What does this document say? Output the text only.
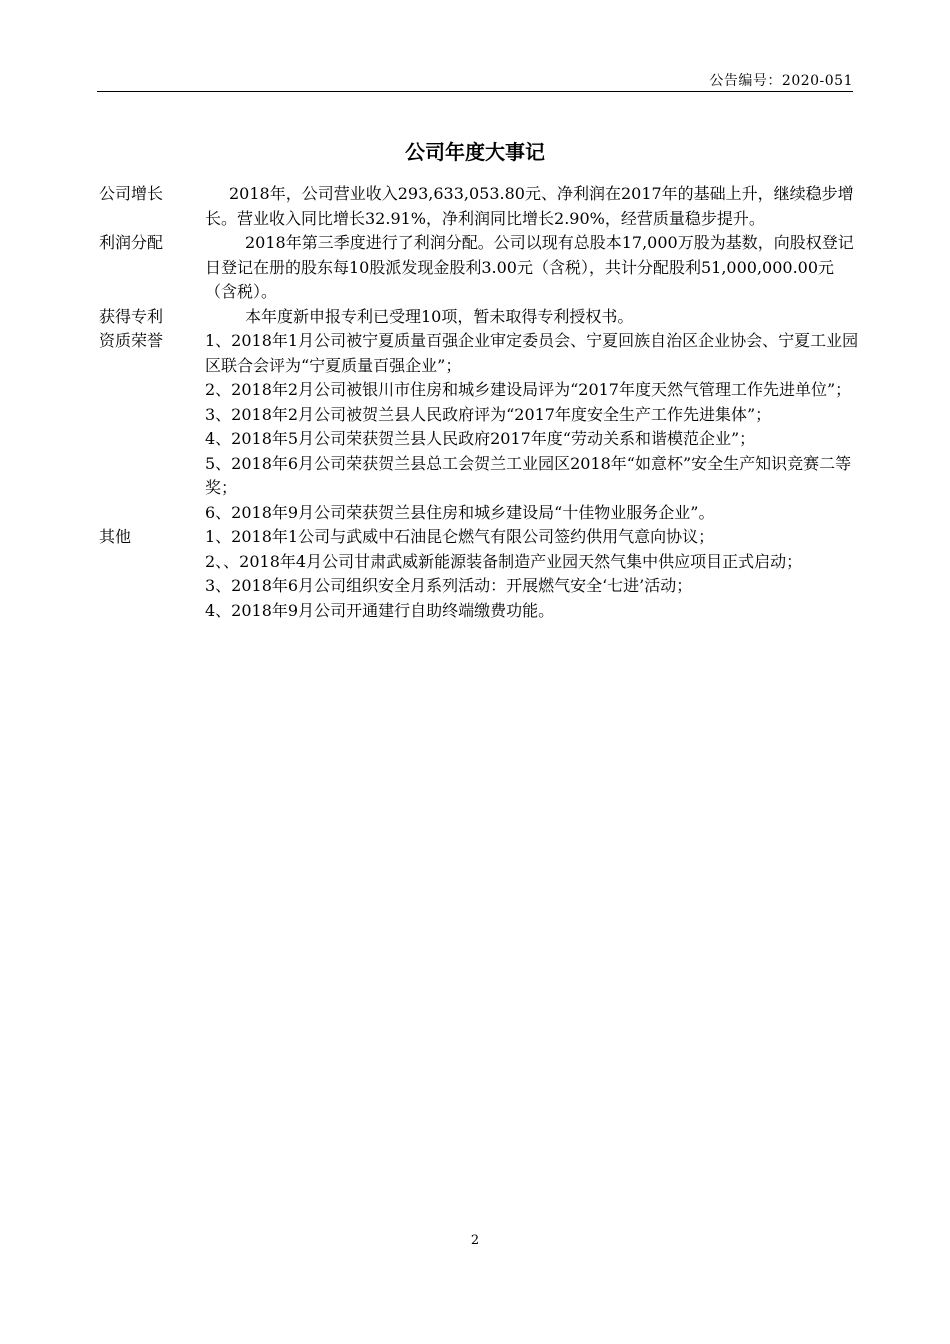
公告编号：2020-051
公司年度大事记
公司增长	2018年，公司营业收入293,633,053.80元、净利润在2017年的基础上升，继续稳步增长。营业收入同比增长32.91%，净利润同比增长2.90%，经营质量稳步提升。

利润分配	2018年第三季度进行了利润分配。公司以现有总股本17,000万股为基数，向股权登记日登记在册的股东每10股派发现金股利3.00元（含税），共计分配股利51,000,000.00元（含税）。

获得专利	本年度新申报专利已受理10项，暂未取得专利授权书。

资质荣誉	1、2018年1月公司被宁夏质量百强企业审定委员会、宁夏回族自治区企业协会、宁夏工业园区联合会评为“宁夏质量百强企业”；

2、2018年2月公司被银川市住房和城乡建设局评为“2017年度天然气管理工作先进单位”；

3、2018年2月公司被贺兰县人民政府评为“2017年度安全生产工作先进集体”；

4、2018年5月公司荣获贺兰县人民政府2017年度“劳动关系和谐模范企业”；

5、2018年6月公司荣获贺兰县总工会贺兰工业园区2018年“如意杯”安全生产知识竞赛二等奖；

6、2018年9月公司荣获贺兰县住房和城乡建设局“十佳物业服务企业”。

其他	1、2018年1公司与武威中石油昆仑燃气有限公司签约供用气意向协议；

2、、2018年4月公司甘肃武威新能源装备制造产业园天然气集中供应项目正式启动；

3、2018年6月公司组织安全月系列活动：开展燃气安全‘七进’活动；

4、2018年9月公司开通建行自助终端缴费功能。

2
